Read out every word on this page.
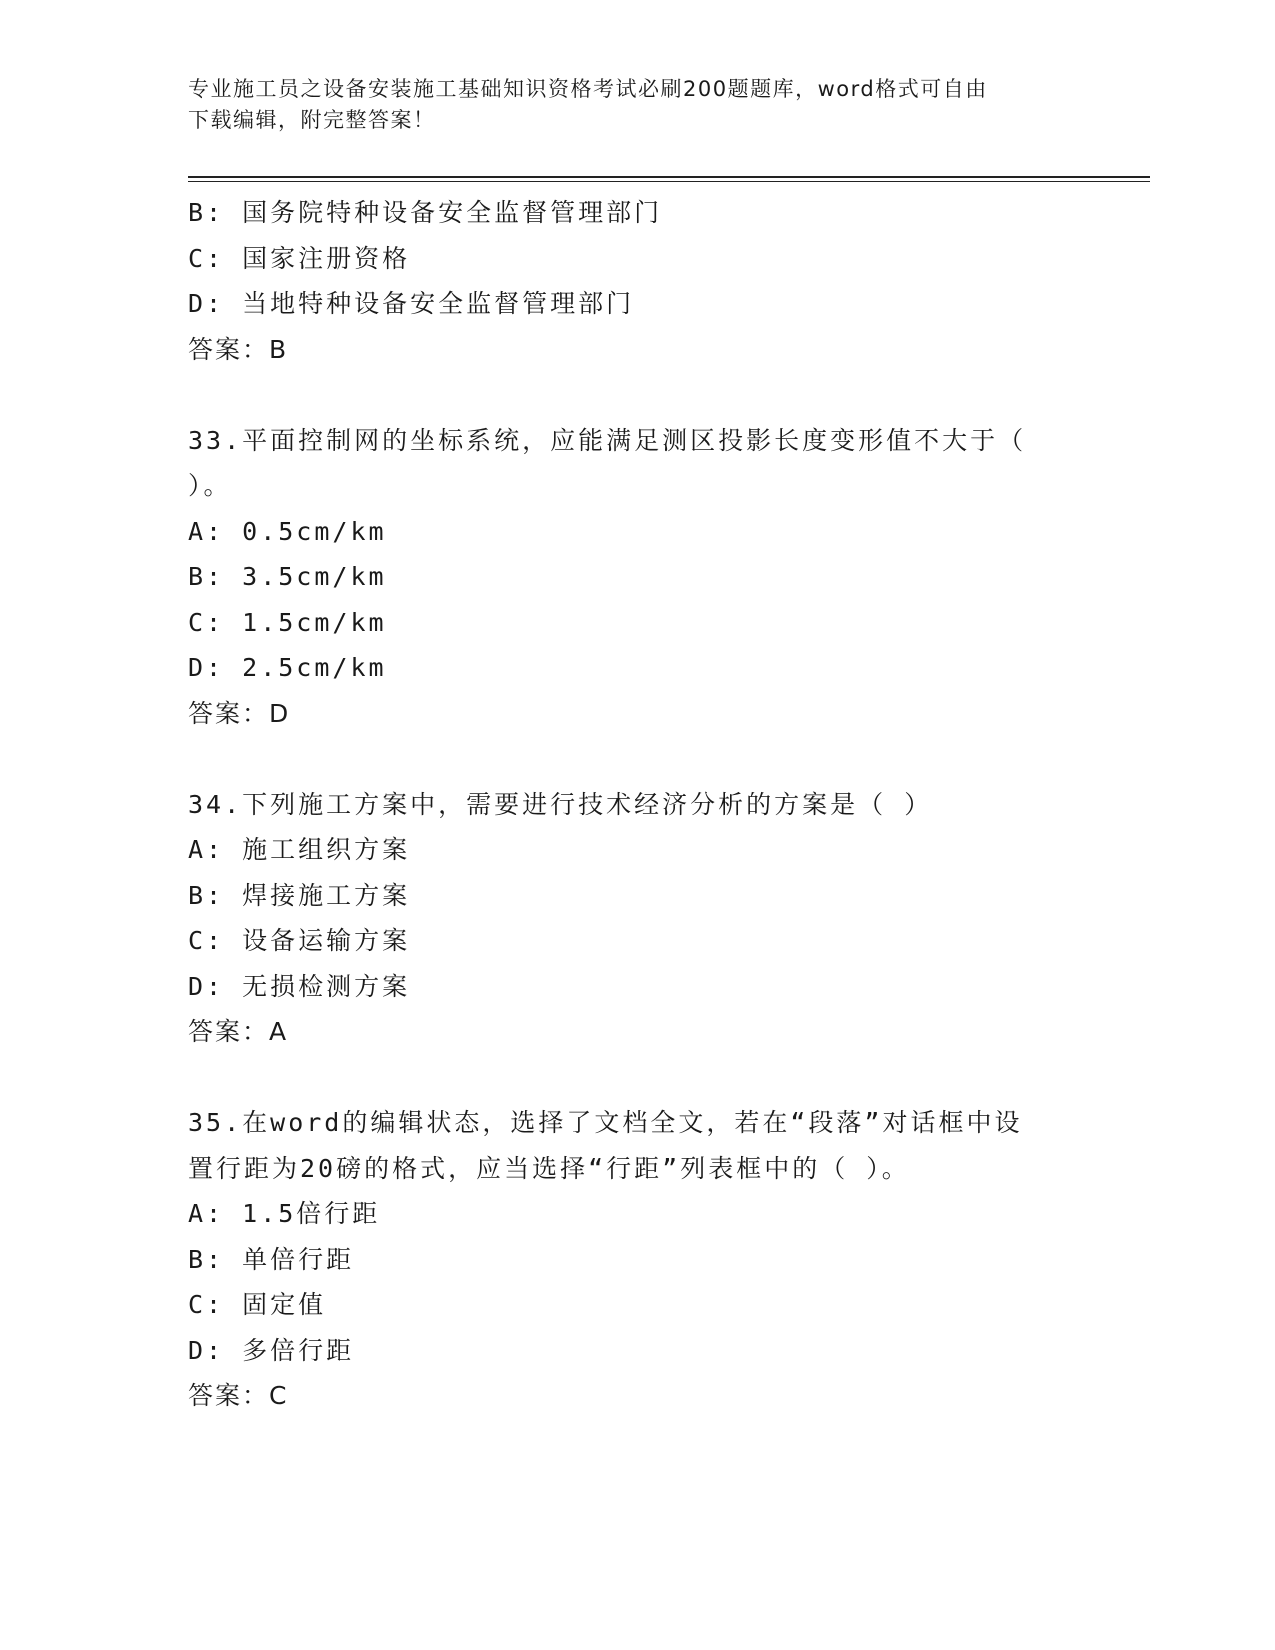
专业施工员之设备安装施工基础知识资格考试必刷200题题库，word格式可自由
下载编辑，附完整答案！
B: 国务院特种设备安全监督管理部门
C: 国家注册资格
D: 当地特种设备安全监督管理部门
答案：B
33.平面控制网的坐标系统，应能满足测区投影长度变形值不大于（
）。
A: 0.5cm/km
B: 3.5cm/km
C: 1.5cm/km
D: 2.5cm/km
答案：D
34.下列施工方案中，需要进行技术经济分析的方案是（ ）
A: 施工组织方案
B: 焊接施工方案
C: 设备运输方案
D: 无损检测方案
答案：A
35.在word的编辑状态，选择了文档全文，若在“段落”对话框中设
置行距为20磅的格式，应当选择“行距”列表框中的（ ）。
A: 1.5倍行距
B: 单倍行距
C: 固定值
D: 多倍行距
答案：C
